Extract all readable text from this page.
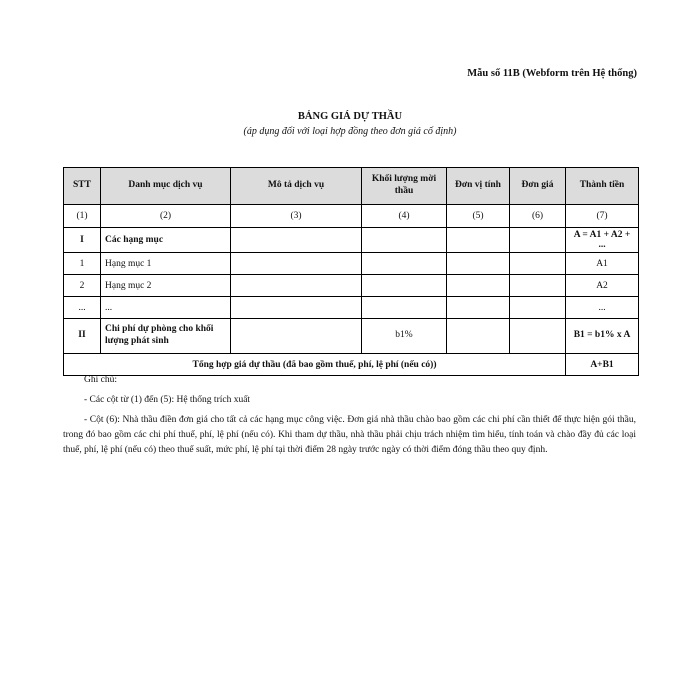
Mẫu số 11B (Webform trên Hệ thống)
BẢNG GIÁ DỰ THẦU
(áp dụng đối với loại hợp đồng theo đơn giá cố định)
STT	Danh mục dịch vụ	Mô tả dịch vụ	Khối lượng mời thầu	Đơn vị tính	Đơn giá	Thành tiền
(1)	(2)	(3)	(4)	(5)	(6)	(7)
I	Các hạng mục					A = A1 + A2 + ...
1	Hạng mục 1					A1
2	Hạng mục 2					A2
...	...					...
II	Chi phí dự phòng cho khối lượng phát sinh		b1%			B1 = b1% x A
Tổng hợp giá dự thầu (đã bao gồm thuế, phí, lệ phí (nếu có))						A+B1

Ghi chú:

- Các cột từ (1) đến (5): Hệ thống trích xuất

- Cột (6): Nhà thầu điền đơn giá cho tất cả các hạng mục công việc. Đơn giá nhà thầu chào bao gồm các chi phí cần thiết để thực hiện gói thầu, trong đó bao gồm các chi phí thuế, phí, lệ phí (nếu có). Khi tham dự thầu, nhà thầu phải chịu trách nhiệm tìm hiểu, tính toán và chào đầy đủ các loại thuế, phí, lệ phí (nếu có) theo thuế suất, mức phí, lệ phí tại thời điểm 28 ngày trước ngày có thời điểm đóng thầu theo quy định.
